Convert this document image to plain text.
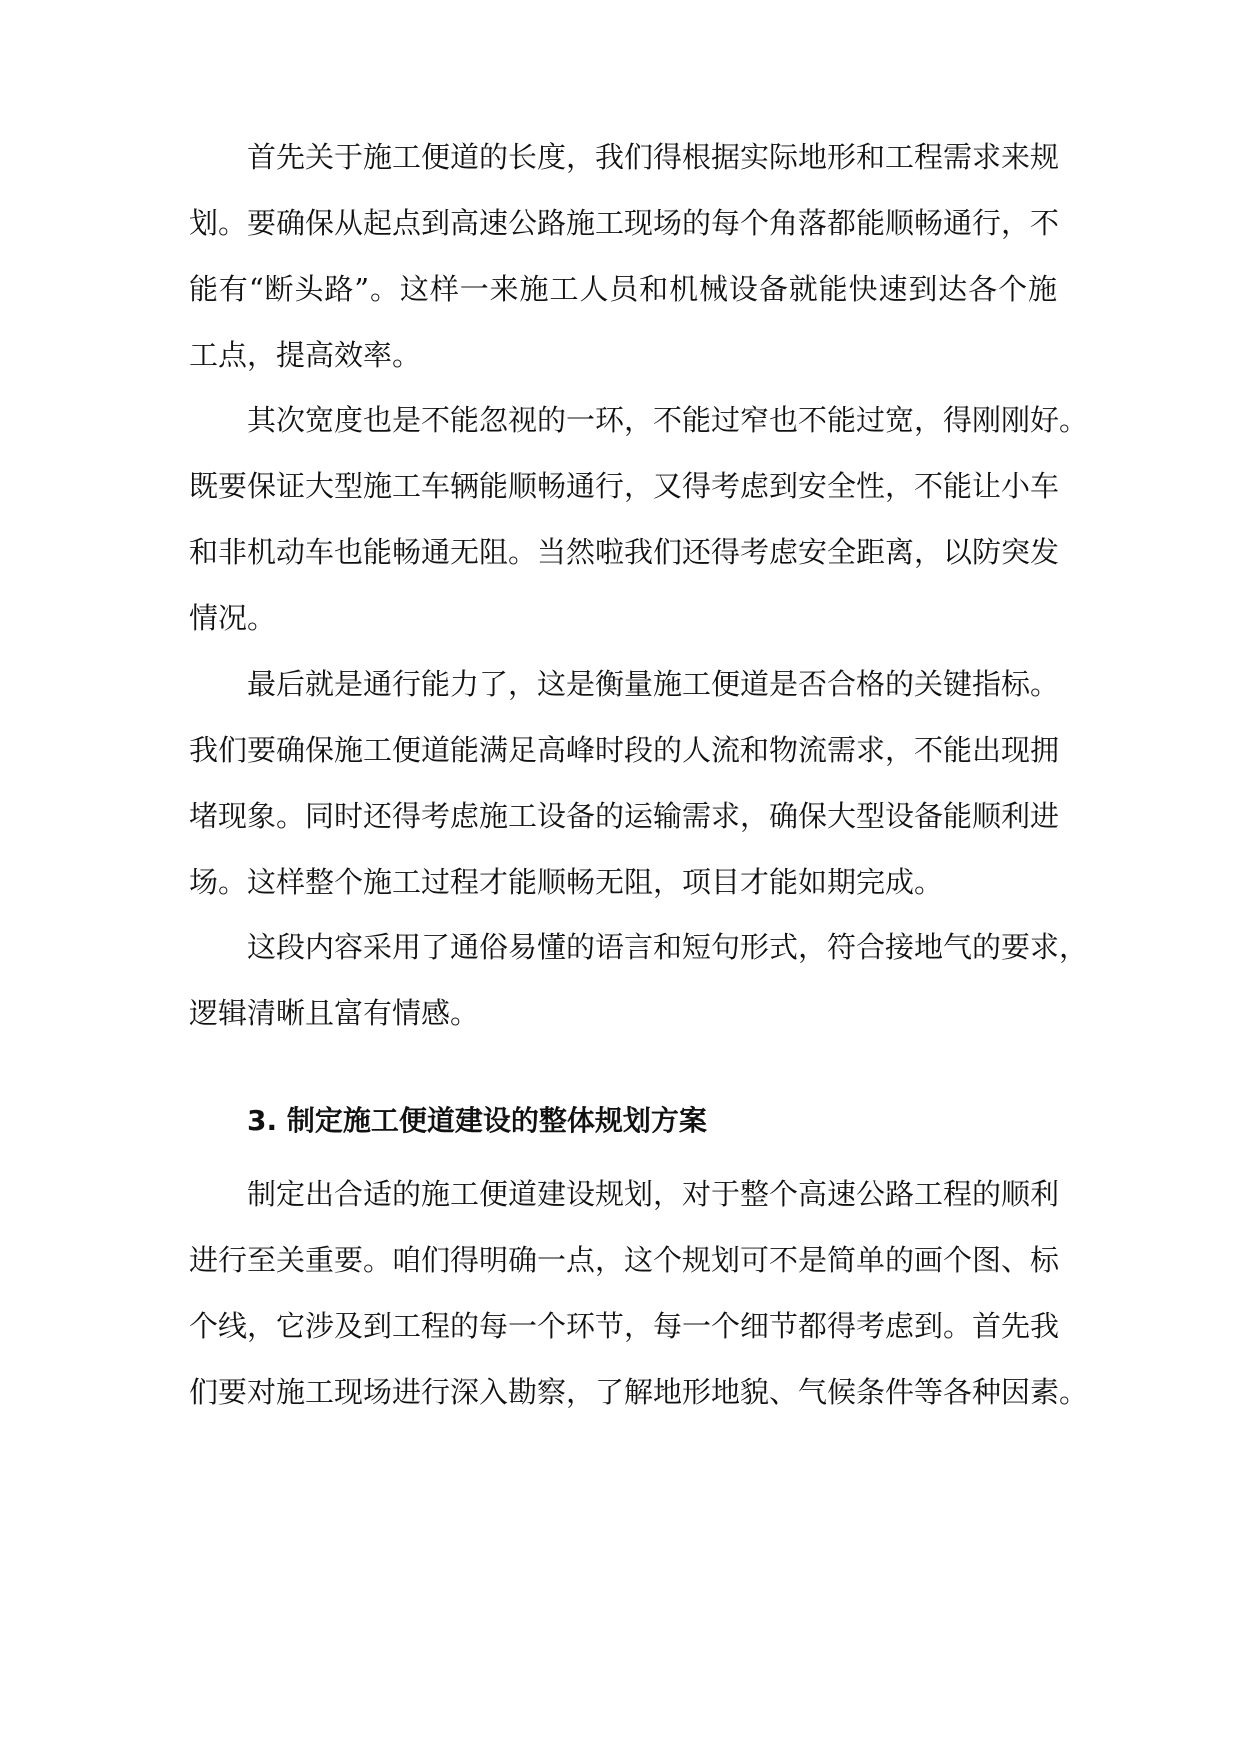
首先关于施工便道的长度，我们得根据实际地形和工程需求来规
划。要确保从起点到高速公路施工现场的每个角落都能顺畅通行，不
能有“断头路”。这样一来施工人员和机械设备就能快速到达各个施
工点，提高效率。
其次宽度也是不能忽视的一环，不能过窄也不能过宽，得刚刚好。
既要保证大型施工车辆能顺畅通行，又得考虑到安全性，不能让小车
和非机动车也能畅通无阻。当然啦我们还得考虑安全距离，以防突发
情况。
最后就是通行能力了，这是衡量施工便道是否合格的关键指标。
我们要确保施工便道能满足高峰时段的人流和物流需求，不能出现拥
堵现象。同时还得考虑施工设备的运输需求，确保大型设备能顺利进
场。这样整个施工过程才能顺畅无阻，项目才能如期完成。
这段内容采用了通俗易懂的语言和短句形式，符合接地气的要求，
逻辑清晰且富有情感。
3. 制定施工便道建设的整体规划方案
制定出合适的施工便道建设规划，对于整个高速公路工程的顺利
进行至关重要。咱们得明确一点，这个规划可不是简单的画个图、标
个线，它涉及到工程的每一个环节，每一个细节都得考虑到。首先我
们要对施工现场进行深入勘察，了解地形地貌、气候条件等各种因素。
